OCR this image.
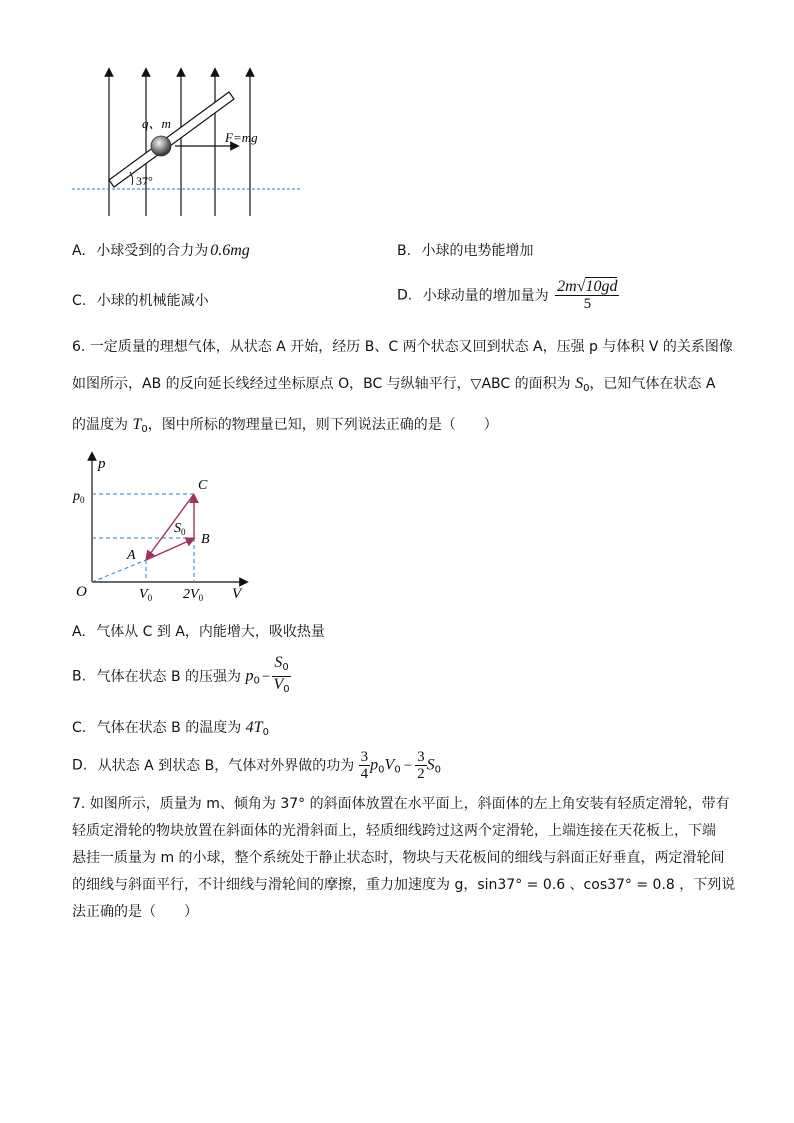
q、m
F=mg
37°
A. 小球受到的合力为 0.6mg	B. 小球的电势能增加
C. 小球的机械能减小	D. 小球动量的增加量为 $\frac{2m√10gd}{5}$
6. 一定质量的理想气体，从状态 A 开始，经历 B、C 两个状态又回到状态 A，压强 p 与体积 V 的关系图像
如图所示，AB 的反向延长线经过坐标原点 O，BC 与纵轴平行，▽ABC 的面积为 $S_0$，已知气体在状态 A
的温度为 $T_0$，图中所标的物理量已知，则下列说法正确的是（　　）
p
V
O
$p_0$
$V_0$ $2V_0$
A
B
C
$S_0$
A. 气体从 C 到 A，内能增大，吸收热量
B. 气体在状态 B 的压强为 $p_0 - \frac{S_0}{V_0}$
C. 气体在状态 B 的温度为 $4T_0$
D. 从状态 A 到状态 B，气体对外界做的功为 $\frac{3}{4} p_0V_0 - \frac{3}{2} S_0$
7. 如图所示，质量为 m、倾角为 37° 的斜面体放置在水平面上，斜面体的左上角安装有轻质定滑轮，带有
轻质定滑轮的物块放置在斜面体的光滑斜面上，轻质细线跨过这两个定滑轮，上端连接在天花板上，下端
悬挂一质量为 m 的小球，整个系统处于静止状态时，物块与天花板间的细线与斜面正好垂直，两定滑轮间
的细线与斜面平行，不计细线与滑轮间的摩擦，重力加速度为 g，sin37° = 0.6 、cos37° = 0.8 ，下列说
法正确的是（　　）
